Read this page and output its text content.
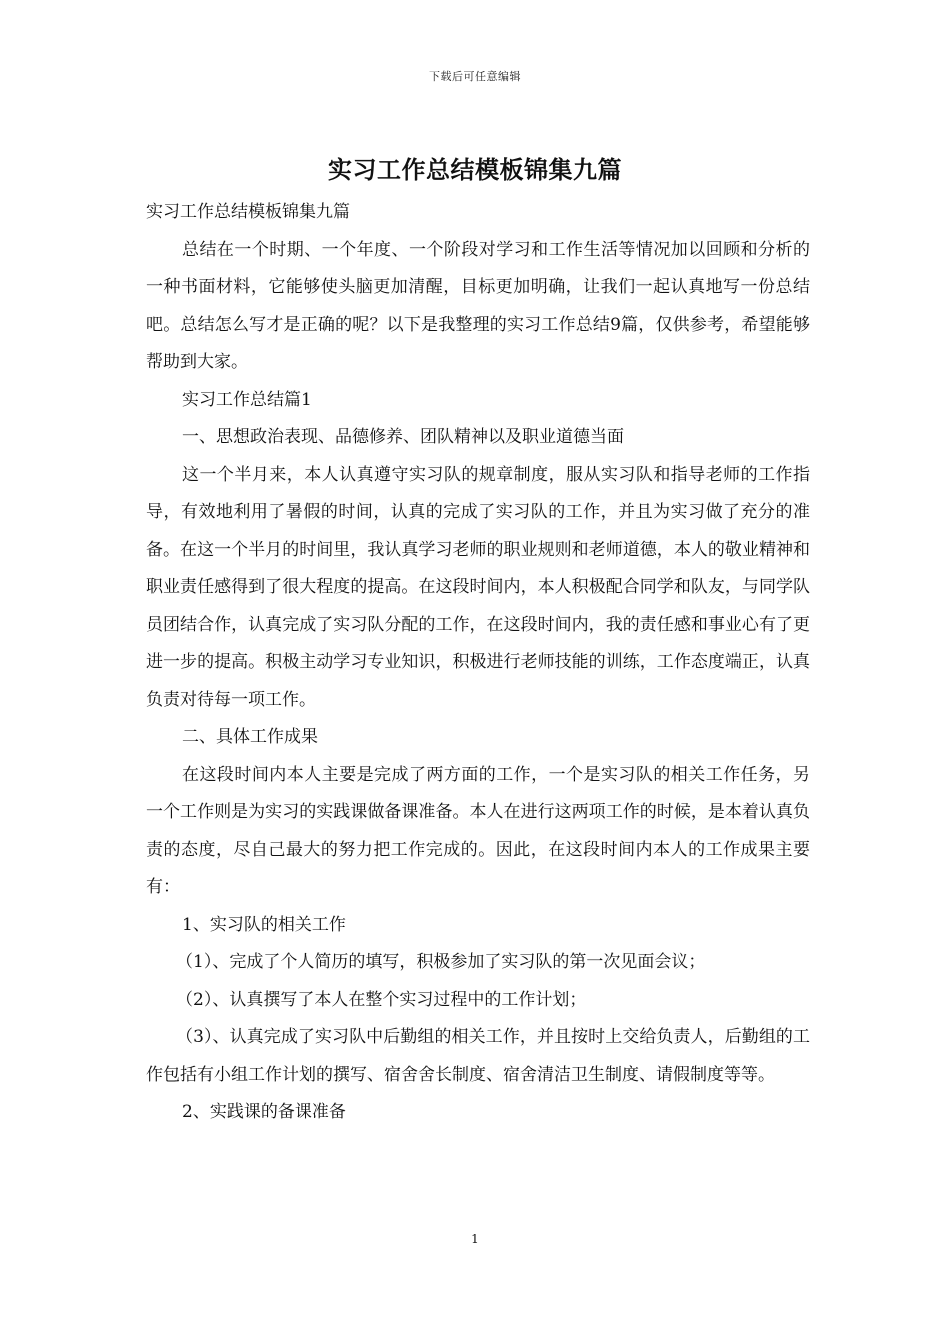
下载后可任意编辑
实习工作总结模板锦集九篇

实习工作总结模板锦集九篇

总结在一个时期、一个年度、一个阶段对学习和工作生活等情况加以回顾和分析的一种书面材料，它能够使头脑更加清醒，目标更加明确，让我们一起认真地写一份总结吧。总结怎么写才是正确的呢？以下是我整理的实习工作总结9篇，仅供参考，希望能够帮助到大家。

实习工作总结篇1

一、思想政治表现、品德修养、团队精神以及职业道德当面

这一个半月来，本人认真遵守实习队的规章制度，服从实习队和指导老师的工作指导，有效地利用了暑假的时间，认真的完成了实习队的工作，并且为实习做了充分的准备。在这一个半月的时间里，我认真学习老师的职业规则和老师道德，本人的敬业精神和职业责任感得到了很大程度的提高。在这段时间内，本人积极配合同学和队友，与同学队员团结合作，认真完成了实习队分配的工作，在这段时间内，我的责任感和事业心有了更进一步的提高。积极主动学习专业知识，积极进行老师技能的训练，工作态度端正，认真负责对待每一项工作。

二、具体工作成果

在这段时间内本人主要是完成了两方面的工作，一个是实习队的相关工作任务，另一个工作则是为实习的实践课做备课准备。本人在进行这两项工作的时候，是本着认真负责的态度，尽自己最大的努力把工作完成的。因此，在这段时间内本人的工作成果主要有：

1、实习队的相关工作

（1）、完成了个人简历的填写，积极参加了实习队的第一次见面会议；

（2）、认真撰写了本人在整个实习过程中的工作计划；

（3）、认真完成了实习队中后勤组的相关工作，并且按时上交给负责人，后勤组的工作包括有小组工作计划的撰写、宿舍舍长制度、宿舍清洁卫生制度、请假制度等等。

2、实践课的备课准备

1
